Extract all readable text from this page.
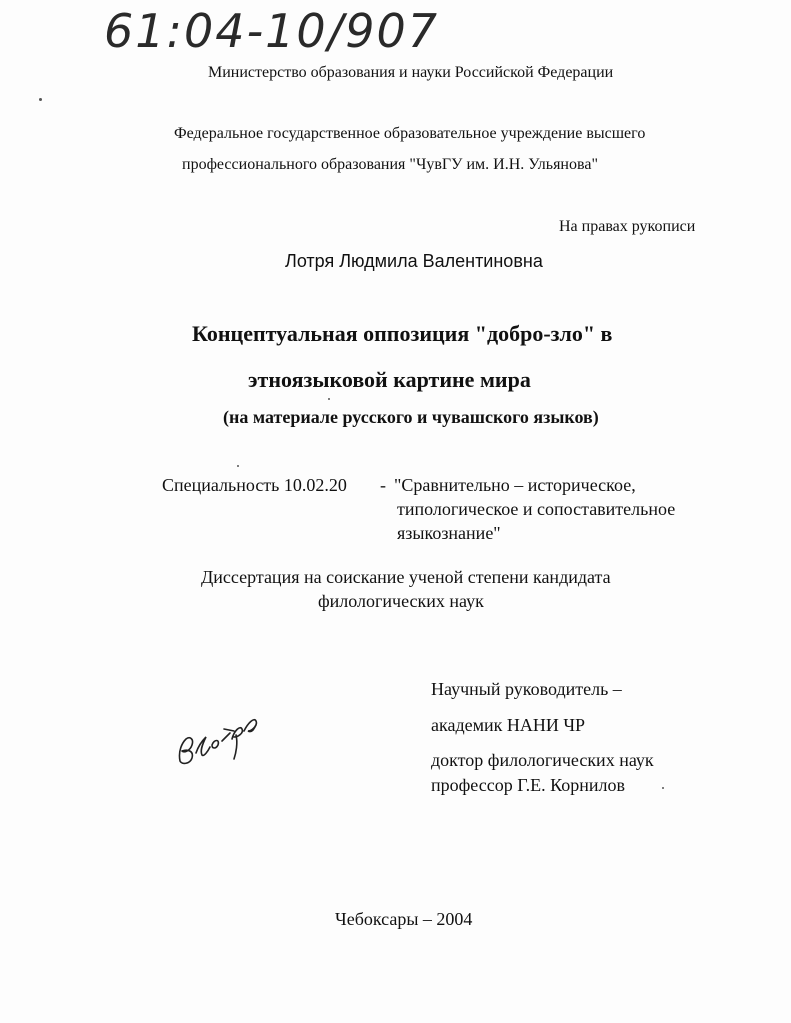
61:04-10/907
Министерство образования и науки Российской Федерации
Федеральное государственное образовательное учреждение высшего
профессионального образования "ЧувГУ им. И.Н. Ульянова"
На правах рукописи
Лотря Людмила Валентиновна
Концептуальная оппозиция "добро-зло" в
этноязыковой картине мира
(на материале русского и чувашского языков)
Специальность 10.02.20 - "Сравнительно – историческое,
типологическое и сопоставительное
языкознание"
Диссертация на соискание ученой степени кандидата
филологических наук
Научный руководитель –
академик НАНИ ЧР
доктор филологических наук
профессор Г.Е. Корнилов
Чебоксары – 2004
